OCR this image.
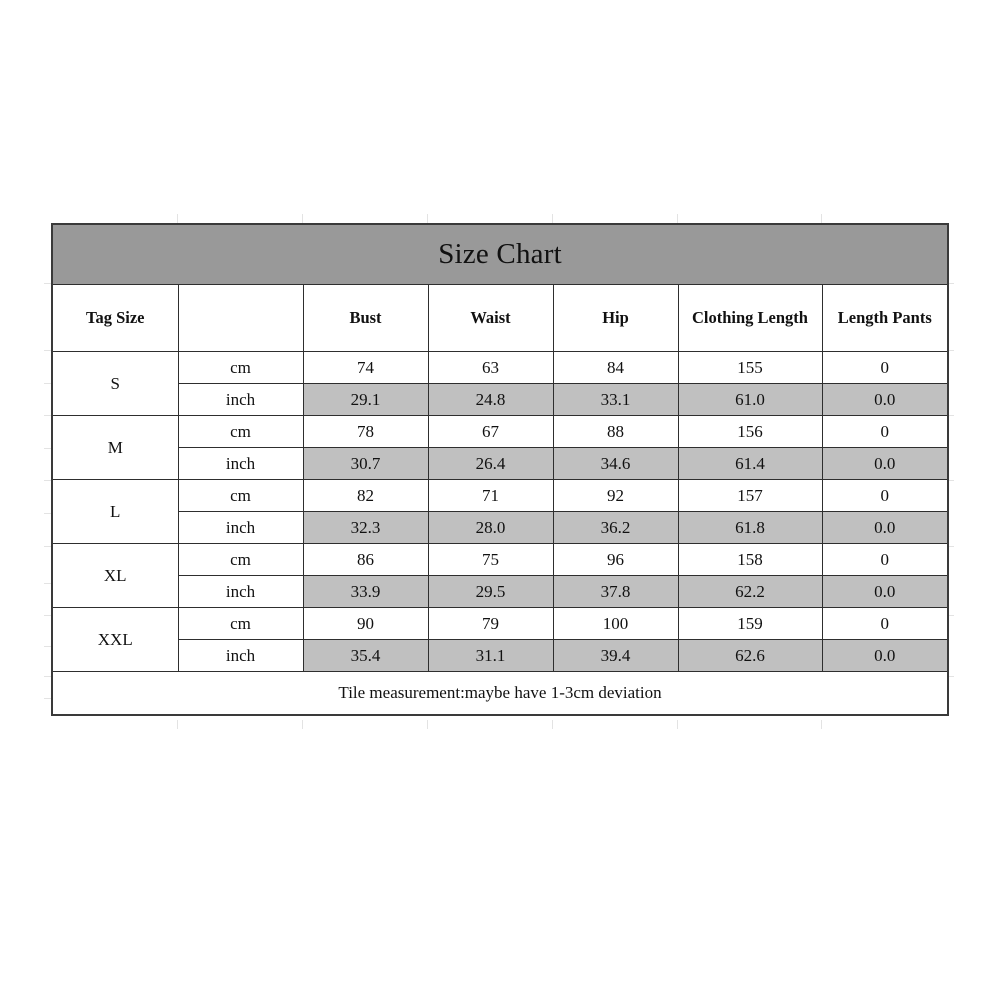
Size Chart						
Tag Size		Bust	Waist	Hip	Clothing Length	Length Pants
S	cm	74	63	84	155	0
	inch	29.1	24.8	33.1	61.0	0.0
M	cm	78	67	88	156	0
	inch	30.7	26.4	34.6	61.4	0.0
L	cm	82	71	92	157	0
	inch	32.3	28.0	36.2	61.8	0.0
XL	cm	86	75	96	158	0
	inch	33.9	29.5	37.8	62.2	0.0
XXL	cm	90	79	100	159	0
	inch	35.4	31.1	39.4	62.6	0.0
Tile measurement:maybe have 1-3cm deviation						
